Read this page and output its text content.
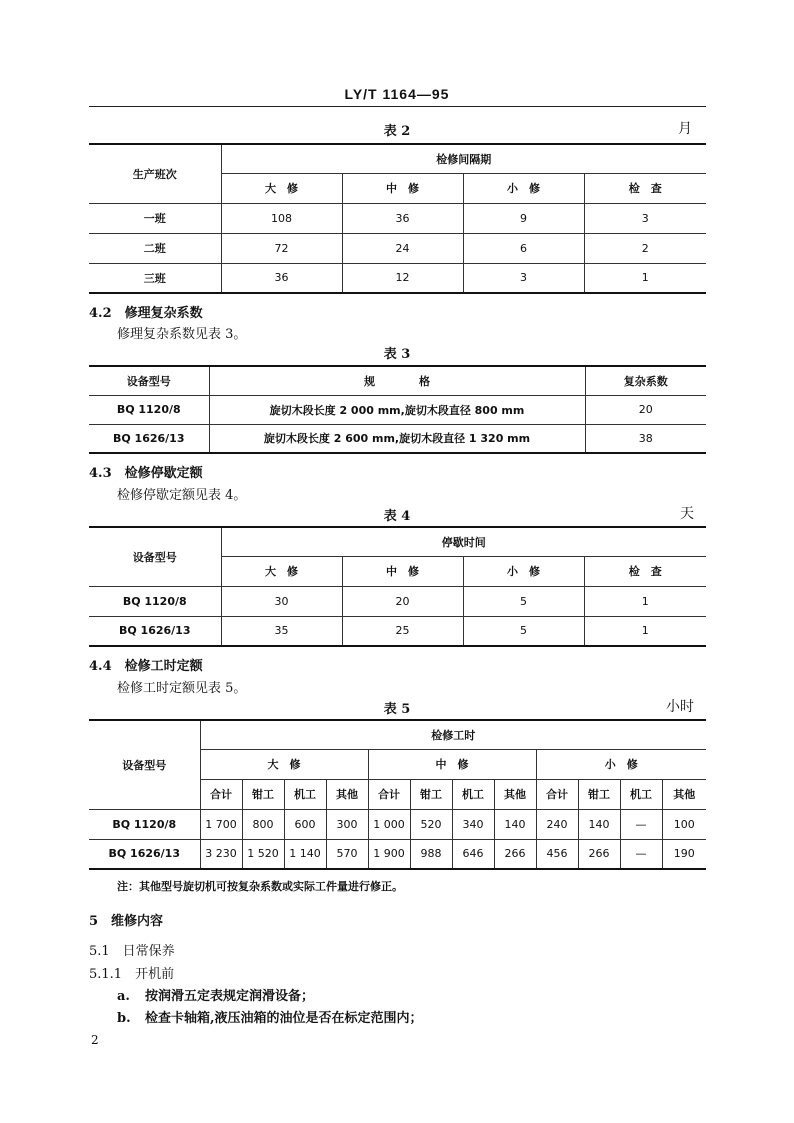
LY/T 1164—95
表 2	月
生产班次	检修间隔期			
	大　修	中　修	小　修	检　查
一班	108	36	9	3
二班	72	24	6	2
三班	36	12	3	1
4.2　修理复杂系数
修理复杂系数见表 3。
表 3
设备型号	规　　　　格	复杂系数
BQ 1120/8	旋切木段长度 2 000 mm,旋切木段直径 800 mm	20
BQ 1626/13	旋切木段长度 2 600 mm,旋切木段直径 1 320 mm	38
4.3　检修停歇定额
检修停歇定额见表 4。
表 4	天
设备型号	停歇时间			
	大　修	中　修	小　修	检　查
BQ 1120/8	30	20	5	1
BQ 1626/13	35	25	5	1
4.4　检修工时定额
检修工时定额见表 5。
表 5	小时
设备型号	检修工时											
	大　修				中　修				小　修			
	合计	钳工	机工	其他	合计	钳工	机工	其他	合计	钳工	机工	其他
BQ 1120/8	1 700	800	600	300	1 000	520	340	140	240	140	—	100
BQ 1626/13	3 230	1 520	1 140	570	1 900	988	646	266	456	266	—	190
注：其他型号旋切机可按复杂系数或实际工件量进行修正。
5　维修内容
5.1　日常保养
5.1.1　开机前
a. 按润滑五定表规定润滑设备；
b. 检查卡轴箱,液压油箱的油位是否在标定范围内；
2
